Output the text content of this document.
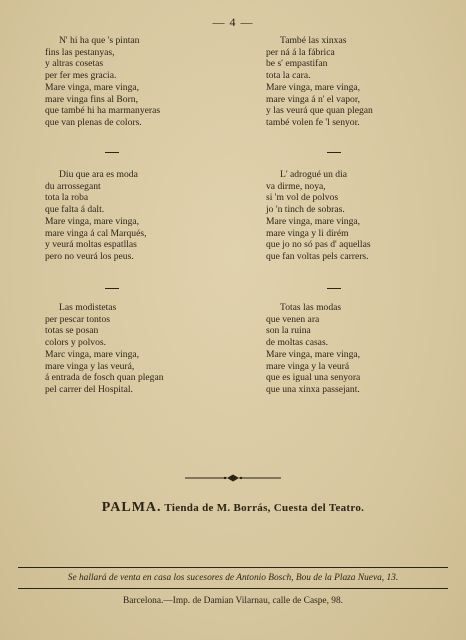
— 4 —
N' hi ha que 's pintan
fins las pestanyas,
y altras cosetas
per fer mes gracia.
Mare vinga, mare vinga,
mare vinga fins al Born,
que també hi ha marmanyeras
que van plenas de colors.
També las xinxas
per ná á la fábrica
be s' empastifan
tota la cara.
Mare vinga, mare vinga,
mare vinga á n' el vapor,
y las veurá que quan plegan
també volen fe 'l senyor.
Diu que ara es moda
du arrossegant
tota la roba
que falta á dalt.
Mare vinga, mare vinga,
mare vinga á cal Marqués,
y veurá moltas espatllas
pero no veurá los peus.
L' adrogué un dia
va dirme, noya,
si 'm vol de polvos
jo 'n tinch de sobras.
Mare vinga, mare vinga,
mare vinga y li dirém
que jo no só pas d' aquellas
que fan voltas pels carrers.
Las modistetas
per pescar tontos
totas se posan
colors y polvos.
Marc vinga, mare vinga,
mare vinga y las veurá,
á entrada de fosch quan plegan
pel carrer del Hospital.
Totas las modas
que venen ara
son la ruina
de moltas casas.
Mare vinga, mare vinga,
mare vinga y la veurá
que es igual una senyora
que una xinxa passejant.
PALMA. Tienda de M. Borrás, Cuesta del Teatro.
Se hallará de venta en casa los sucesores de Antonio Bosch, Bou de la Plaza Nueva, 13.
Barcelona.—Imp. de Damian Vilarnau, calle de Caspe, 98.
